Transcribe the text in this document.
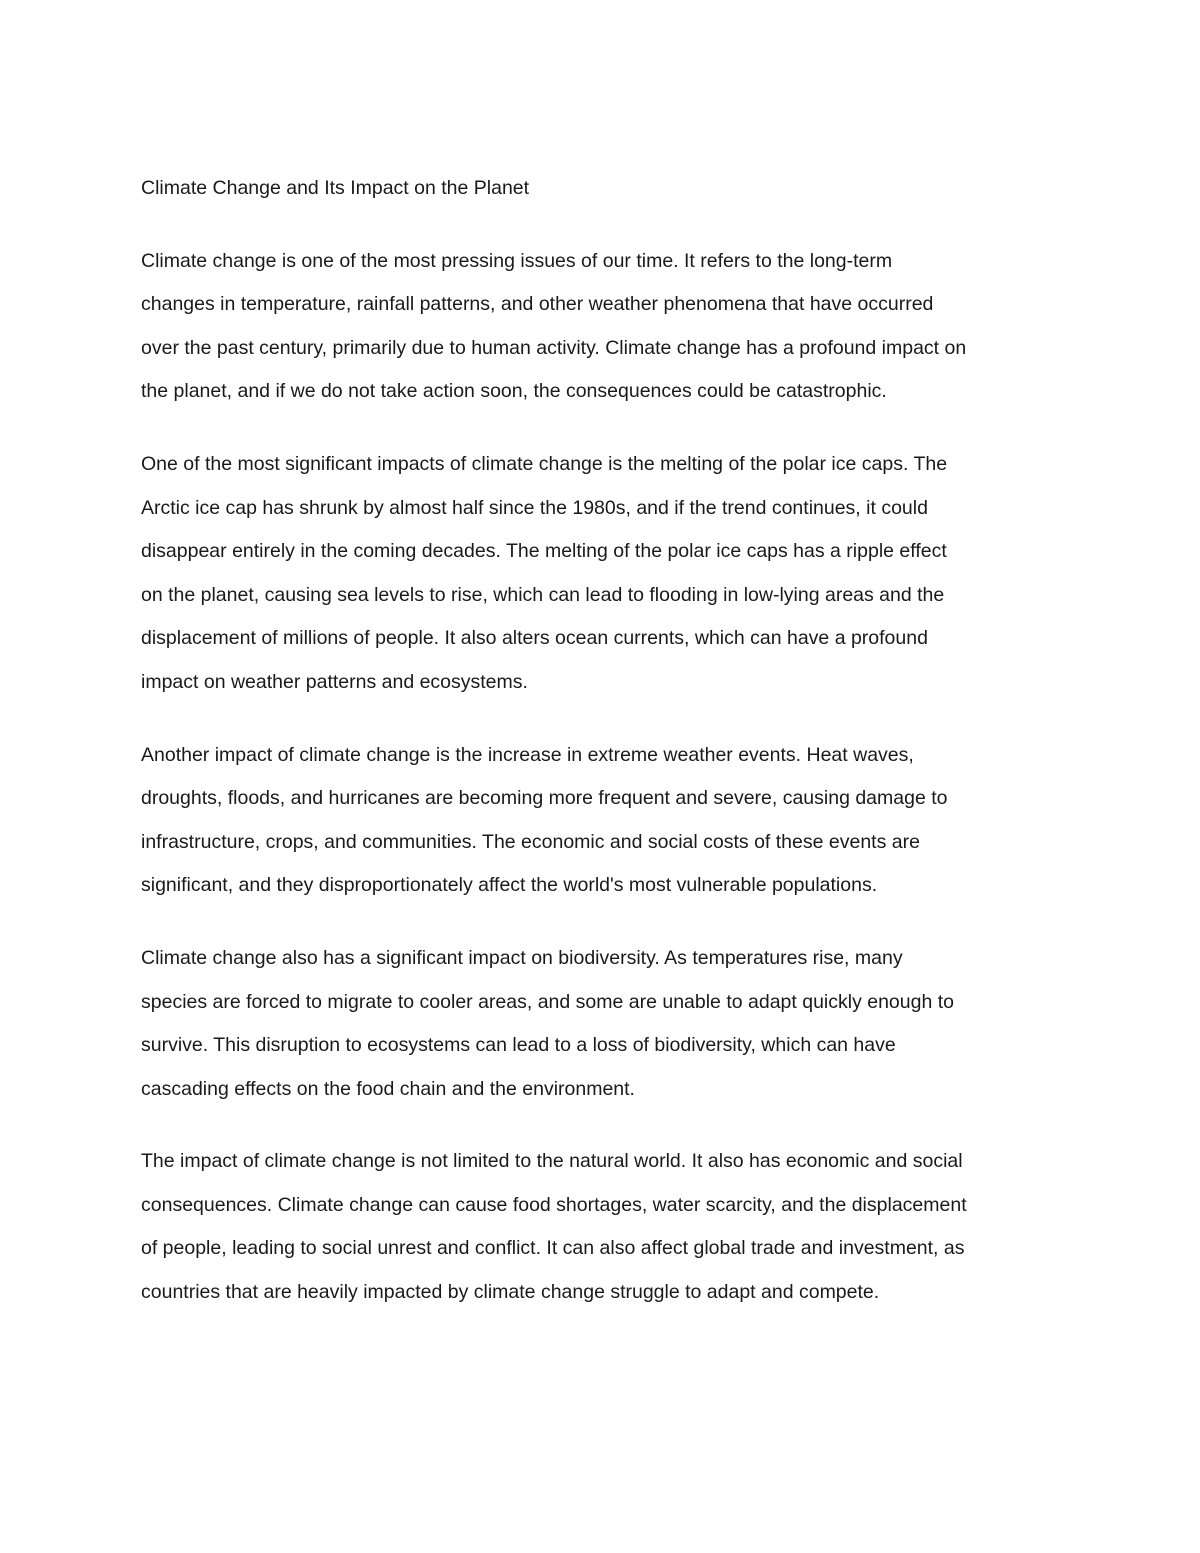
Climate Change and Its Impact on the Planet
Climate change is one of the most pressing issues of our time. It refers to the long-term
changes in temperature, rainfall patterns, and other weather phenomena that have occurred
over the past century, primarily due to human activity. Climate change has a profound impact on
the planet, and if we do not take action soon, the consequences could be catastrophic.
One of the most significant impacts of climate change is the melting of the polar ice caps. The
Arctic ice cap has shrunk by almost half since the 1980s, and if the trend continues, it could
disappear entirely in the coming decades. The melting of the polar ice caps has a ripple effect
on the planet, causing sea levels to rise, which can lead to flooding in low-lying areas and the
displacement of millions of people. It also alters ocean currents, which can have a profound
impact on weather patterns and ecosystems.
Another impact of climate change is the increase in extreme weather events. Heat waves,
droughts, floods, and hurricanes are becoming more frequent and severe, causing damage to
infrastructure, crops, and communities. The economic and social costs of these events are
significant, and they disproportionately affect the world's most vulnerable populations.
Climate change also has a significant impact on biodiversity. As temperatures rise, many
species are forced to migrate to cooler areas, and some are unable to adapt quickly enough to
survive. This disruption to ecosystems can lead to a loss of biodiversity, which can have
cascading effects on the food chain and the environment.
The impact of climate change is not limited to the natural world. It also has economic and social
consequences. Climate change can cause food shortages, water scarcity, and the displacement
of people, leading to social unrest and conflict. It can also affect global trade and investment, as
countries that are heavily impacted by climate change struggle to adapt and compete.
